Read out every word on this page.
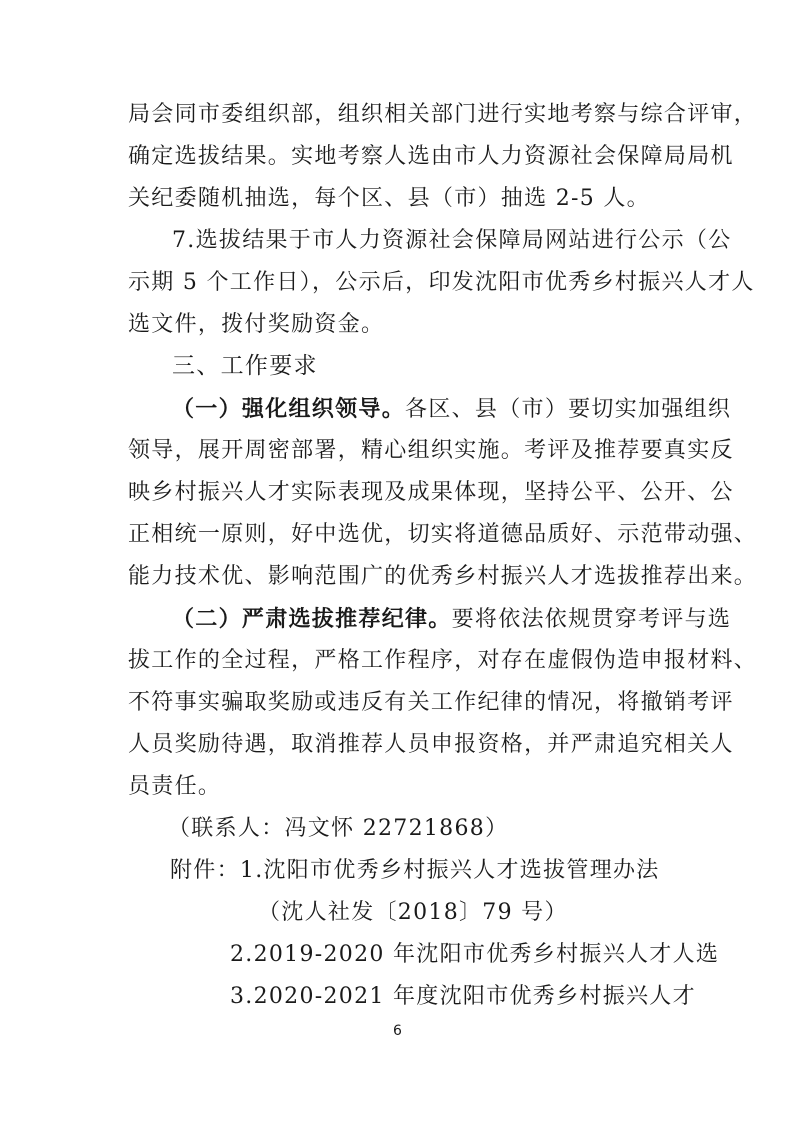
局会同市委组织部，组织相关部门进行实地考察与综合评审，
确定选拔结果。实地考察人选由市人力资源社会保障局局机
关纪委随机抽选，每个区、县（市）抽选 2-5 人。
7.选拔结果于市人力资源社会保障局网站进行公示（公
示期 5 个工作日），公示后，印发沈阳市优秀乡村振兴人才人
选文件，拨付奖励资金。
三、工作要求
（一）强化组织领导。各区、县（市）要切实加强组织
领导，展开周密部署，精心组织实施。考评及推荐要真实反
映乡村振兴人才实际表现及成果体现，坚持公平、公开、公
正相统一原则，好中选优，切实将道德品质好、示范带动强、
能力技术优、影响范围广的优秀乡村振兴人才选拔推荐出来。
（二）严肃选拔推荐纪律。要将依法依规贯穿考评与选
拔工作的全过程，严格工作程序，对存在虚假伪造申报材料、
不符事实骗取奖励或违反有关工作纪律的情况，将撤销考评
人员奖励待遇，取消推荐人员申报资格，并严肃追究相关人
员责任。
（联系人：冯文怀 22721868）
附件：1.沈阳市优秀乡村振兴人才选拔管理办法
（沈人社发〔2018〕79 号）
2.2019-2020 年沈阳市优秀乡村振兴人才人选
3.2020-2021 年度沈阳市优秀乡村振兴人才
6
